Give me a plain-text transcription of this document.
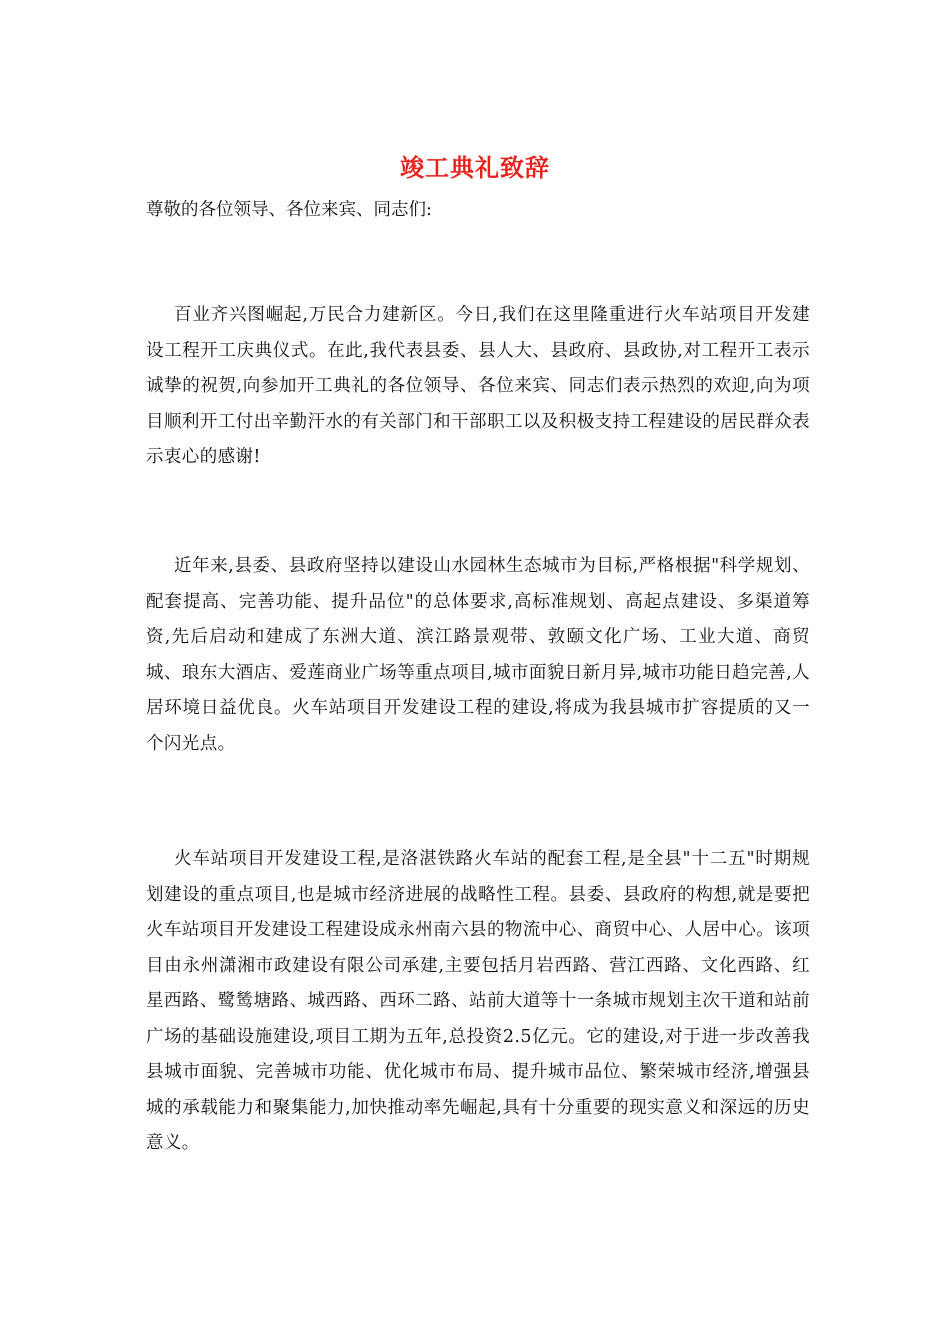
竣工典礼致辞
尊敬的各位领导、各位来宾、同志们:
百业齐兴图崛起,万民合力建新区。今日,我们在这里隆重进行火车站项目开发建设工程开工庆典仪式。在此,我代表县委、县人大、县政府、县政协,对工程开工表示诚挚的祝贺,向参加开工典礼的各位领导、各位来宾、同志们表示热烈的欢迎,向为项目顺利开工付出辛勤汗水的有关部门和干部职工以及积极支持工程建设的居民群众表示衷心的感谢!
近年来,县委、县政府坚持以建设山水园林生态城市为目标,严格根据"科学规划、配套提高、完善功能、提升品位"的总体要求,高标准规划、高起点建设、多渠道筹资,先后启动和建成了东洲大道、滨江路景观带、敦颐文化广场、工业大道、商贸城、琅东大酒店、爱莲商业广场等重点项目,城市面貌日新月异,城市功能日趋完善,人居环境日益优良。火车站项目开发建设工程的建设,将成为我县城市扩容提质的又一个闪光点。
火车站项目开发建设工程,是洛湛铁路火车站的配套工程,是全县"十二五"时期规划建设的重点项目,也是城市经济进展的战略性工程。县委、县政府的构想,就是要把火车站项目开发建设工程建设成永州南六县的物流中心、商贸中心、人居中心。该项目由永州潇湘市政建设有限公司承建,主要包括月岩西路、营江西路、文化西路、红星西路、鹭鸶塘路、城西路、西环二路、站前大道等十一条城市规划主次干道和站前广场的基础设施建设,项目工期为五年,总投资2.5亿元。它的建设,对于进一步改善我县城市面貌、完善城市功能、优化城市布局、提升城市品位、繁荣城市经济,增强县城的承载能力和聚集能力,加快推动率先崛起,具有十分重要的现实意义和深远的历史意义。
